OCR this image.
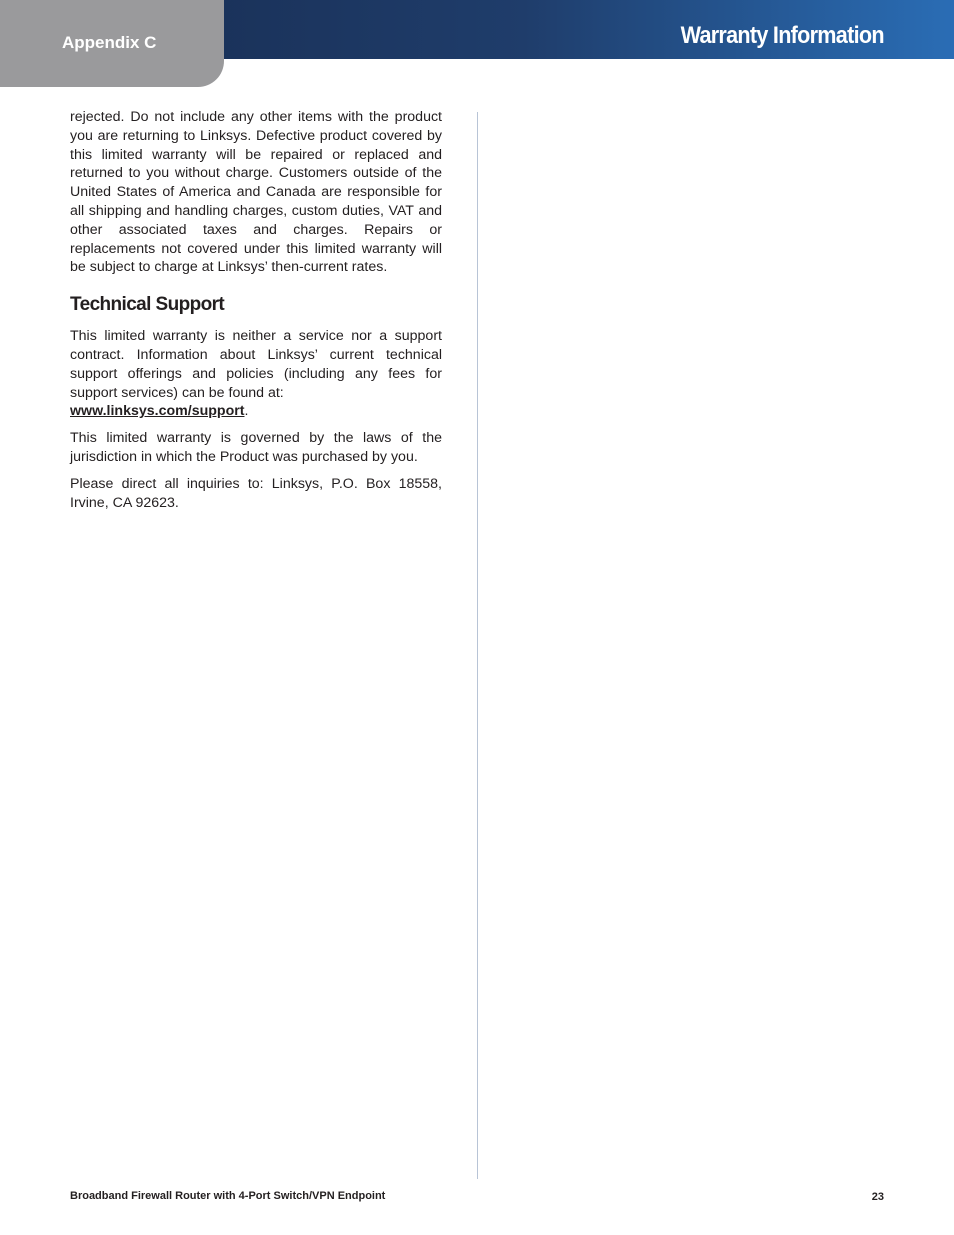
Appendix C	Warranty Information

rejected. Do not include any other items with the product you are returning to Linksys. Defective product covered by this limited warranty will be repaired or replaced and returned to you without charge. Customers outside of the United States of America and Canada are responsible for all shipping and handling charges, custom duties, VAT and other associated taxes and charges. Repairs or replacements not covered under this limited warranty will be subject to charge at Linksys’ then-current rates.

Technical Support

This limited warranty is neither a service nor a support contract. Information about Linksys’ current technical support offerings and policies (including any fees for support services) can be found at:

www.linksys.com/support.

This limited warranty is governed by the laws of the jurisdiction in which the Product was purchased by you.

Please direct all inquiries to: Linksys, P.O. Box 18558, Irvine, CA 92623.

Broadband Firewall Router with 4-Port Switch/VPN Endpoint	23
